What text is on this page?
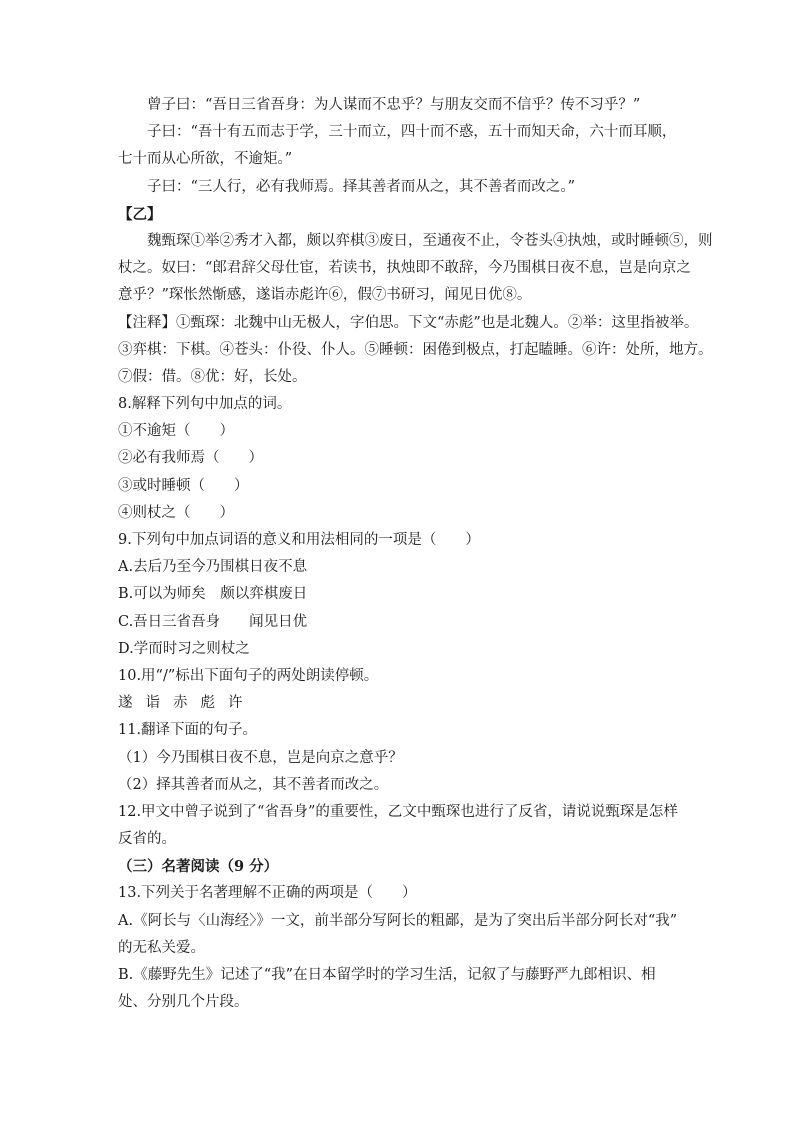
曾子曰：“吾日三省吾身：为人谋而不忠乎？与朋友交而不信乎？传不习乎？”
子曰：“吾十有五而志于学，三十而立，四十而不惑，五十而知天命，六十而耳顺，
七十而从心所欲，不逾矩。”
子曰：“三人行，必有我师焉。择其善者而从之，其不善者而改之。”
【乙】
魏甄琛①举②秀才入都，颇以弈棋③废日，至通夜不止，令苍头④执烛，或时睡顿⑤，则
杖之。奴曰：“郎君辞父母仕宦，若读书，执烛即不敢辞，今乃围棋日夜不息，岂是向京之
意乎？”琛怅然惭感，遂诣赤彪许⑥，假⑦书研习，闻见日优⑧。
【注释】①甄琛：北魏中山无极人，字伯思。下文“赤彪”也是北魏人。②举：这里指被举。
③弈棋：下棋。④苍头：仆役、仆人。⑤睡顿：困倦到极点，打起瞌睡。⑥许：处所，地方。
⑦假：借。⑧优：好，长处。
8.解释下列句中加点的词。
①不逾矩（　　）
②必有我师焉（　　）
③或时睡顿（　　）
④则杖之（　　）
9.下列句中加点词语的意义和用法相同的一项是（　　）
A.去后乃至今乃围棋日夜不息
B.可以为师矣　颇以弈棋废日
C.吾日三省吾身　　闻见日优
D.学而时习之则杖之
10.用“/”标出下面句子的两处朗读停顿。
遂诣赤彪许
11.翻译下面的句子。
（1）今乃围棋日夜不息，岂是向京之意乎？
（2）择其善者而从之，其不善者而改之。
12.甲文中曾子说到了“省吾身”的重要性，乙文中甄琛也进行了反省，请说说甄琛是怎样
反省的。
（三）名著阅读（9 分）
13.下列关于名著理解不正确的两项是（　　）
A.《阿长与〈山海经〉》一文，前半部分写阿长的粗鄙，是为了突出后半部分阿长对“我”
的无私关爱。
B.《藤野先生》记述了“我”在日本留学时的学习生活，记叙了与藤野严九郎相识、相
处、分别几个片段。
